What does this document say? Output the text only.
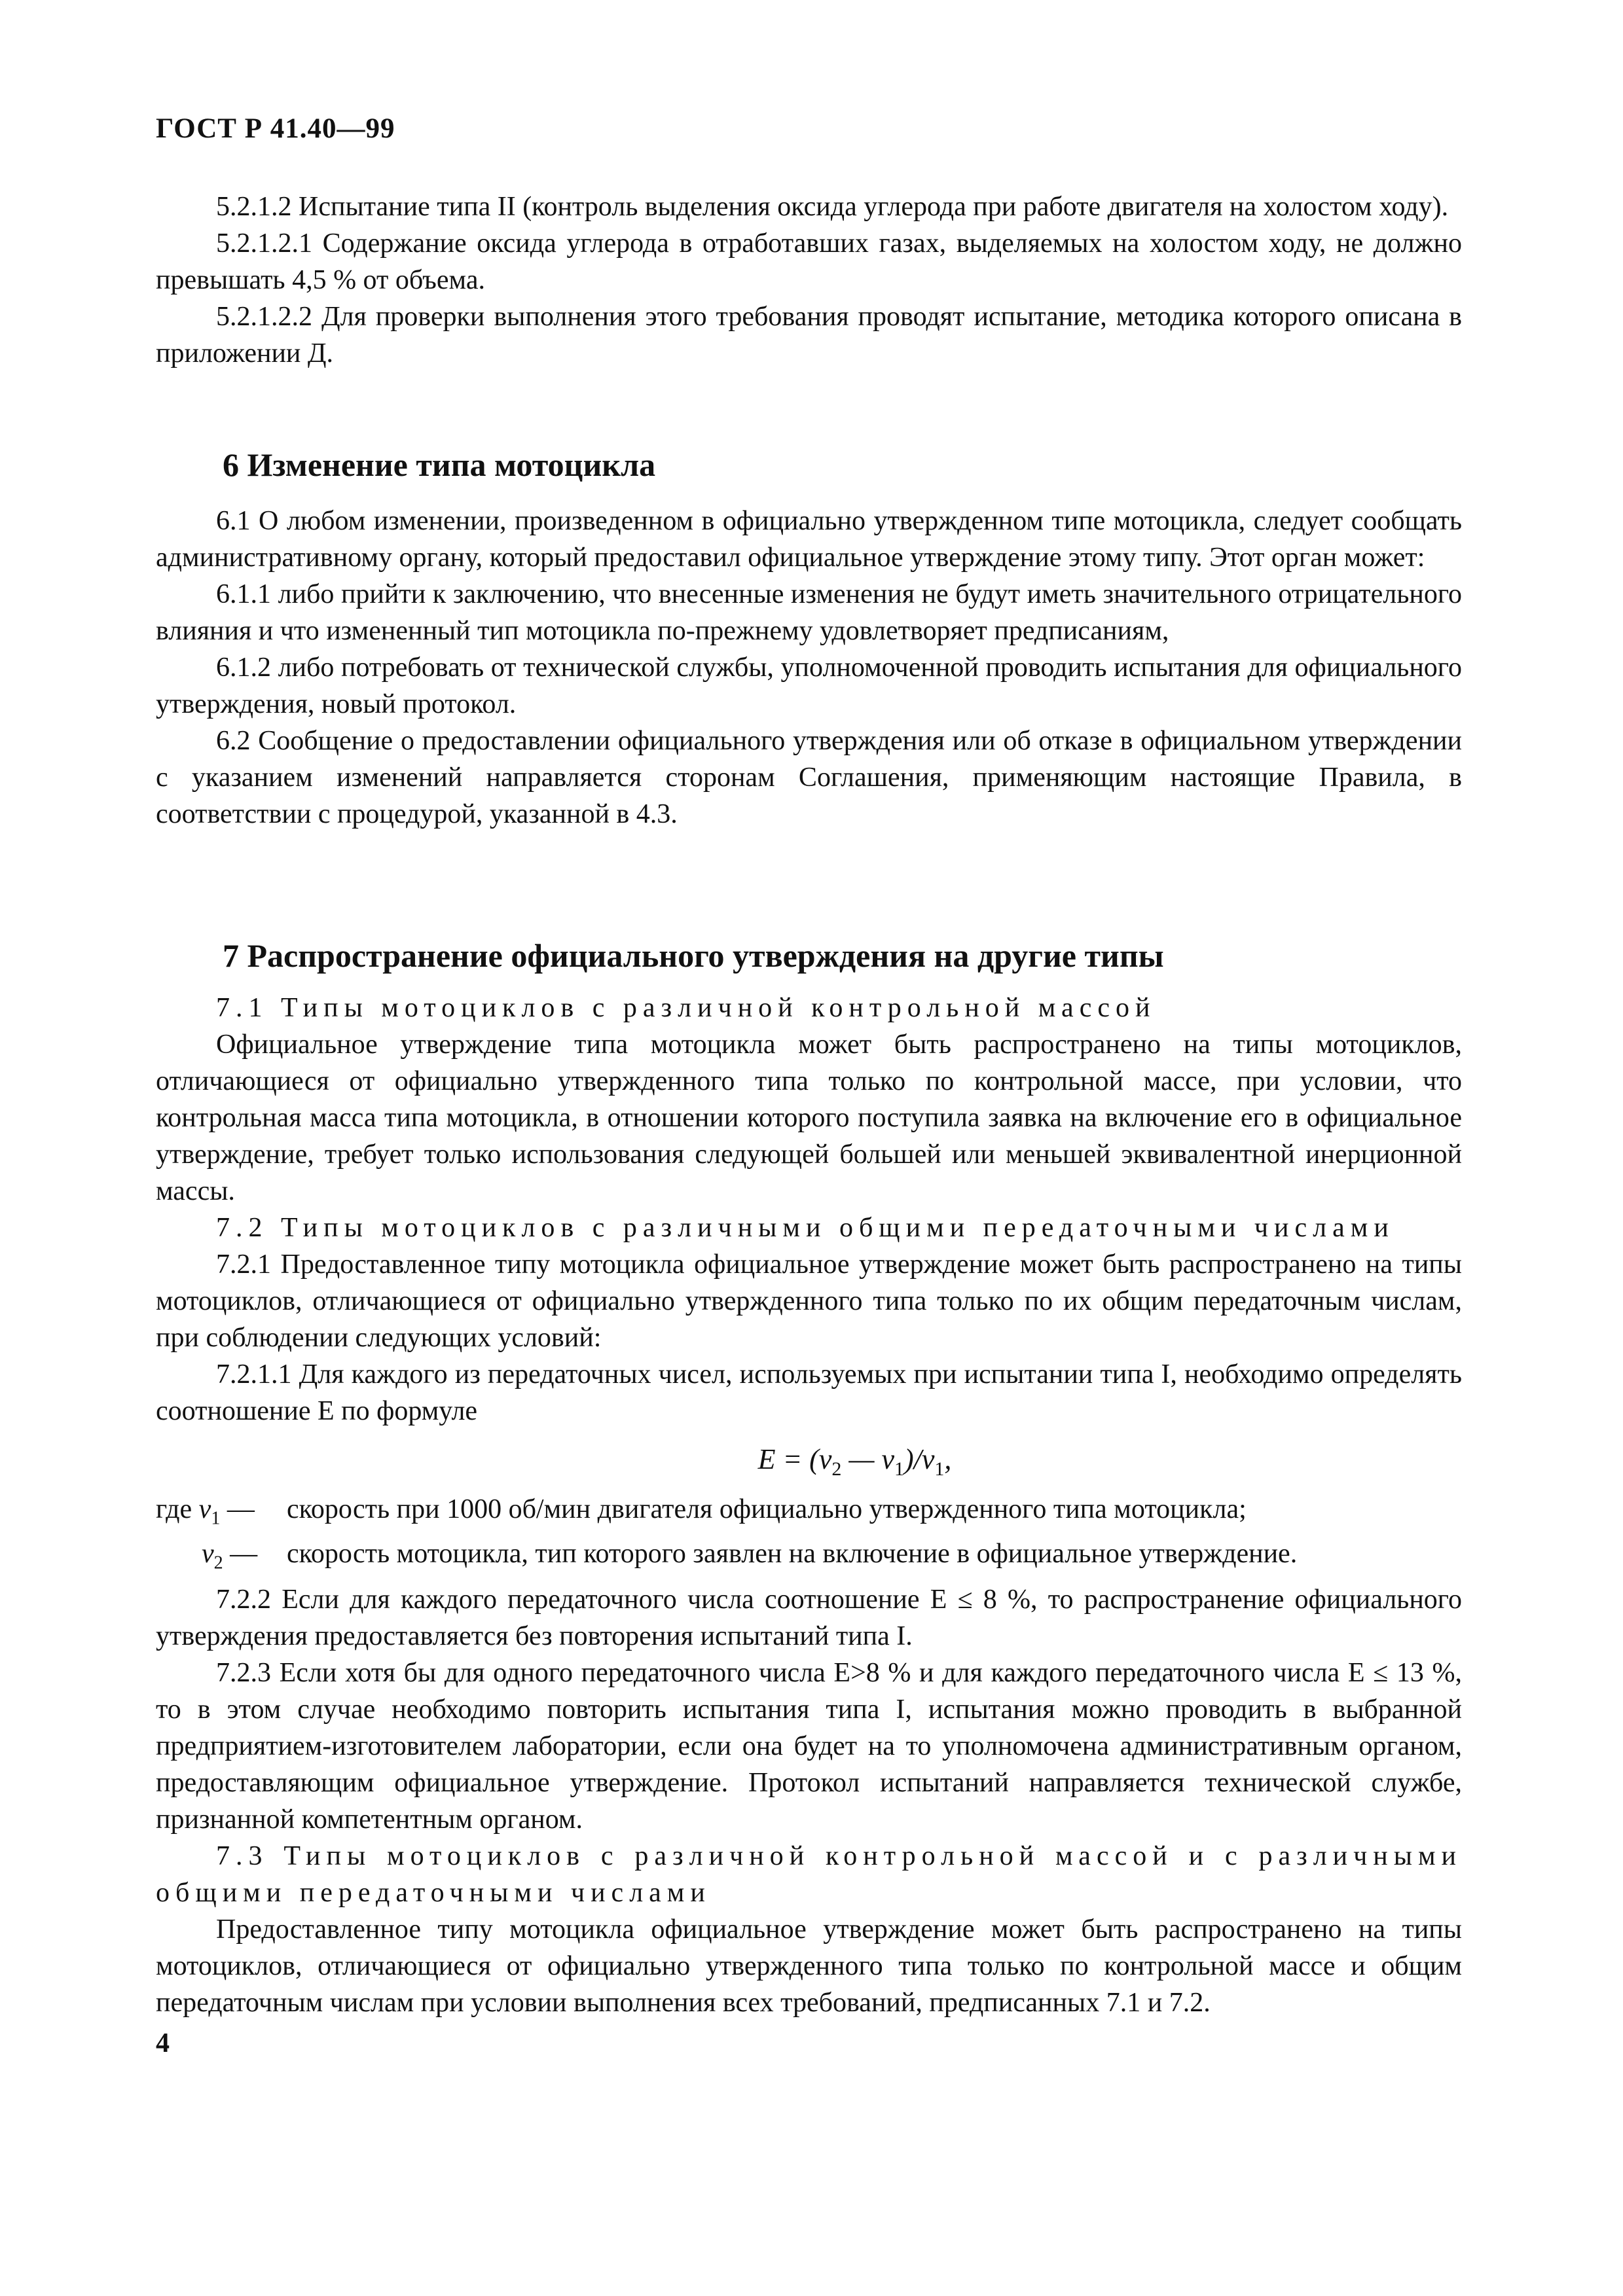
ГОСТ Р 41.40—99

5.2.1.2 Испытание типа II (контроль выделения оксида углерода при работе двигателя на холостом ходу).

5.2.1.2.1 Содержание оксида углерода в отработавших газах, выделяемых на холостом ходу, не должно превышать 4,5 % от объема.

5.2.1.2.2 Для проверки выполнения этого требования проводят испытание, методика которого описана в приложении Д.

6 Изменение типа мотоцикла

6.1 О любом изменении, произведенном в официально утвержденном типе мотоцикла, следует сообщать административному органу, который предоставил официальное утверждение этому типу. Этот орган может:

6.1.1 либо прийти к заключению, что внесенные изменения не будут иметь значительного отрицательного влияния и что измененный тип мотоцикла по-прежнему удовлетворяет предписаниям,

6.1.2 либо потребовать от технической службы, уполномоченной проводить испытания для официального утверждения, новый протокол.

6.2 Сообщение о предоставлении официального утверждения или об отказе в официальном утверждении с указанием изменений направляется сторонам Соглашения, применяющим настоящие Правила, в соответствии с процедурой, указанной в 4.3.

7 Распространение официального утверждения на другие типы

7.1 Типы мотоциклов с различной контрольной массой

Официальное утверждение типа мотоцикла может быть распространено на типы мотоциклов, отличающиеся от официально утвержденного типа только по контрольной массе, при условии, что контрольная масса типа мотоцикла, в отношении которого поступила заявка на включение его в официальное утверждение, требует только использования следующей большей или меньшей эквивалентной инерционной массы.

7.2 Типы мотоциклов с различными общими передаточными числами

7.2.1 Предоставленное типу мотоцикла официальное утверждение может быть распространено на типы мотоциклов, отличающиеся от официально утвержденного типа только по их общим передаточным числам, при соблюдении следующих условий:

7.2.1.1 Для каждого из передаточных чисел, используемых при испытании типа I, необходимо определять соотношение E по формуле

$E = (v_2$ — $v_1)/v_1$,

где $v_1$ —	скорость при 1000 об/мин двигателя официально утвержденного типа мотоцикла;
$v_2$ —	скорость мотоцикла, тип которого заявлен на включение в официальное утверждение.

7.2.2 Если для каждого передаточного числа соотношение E ≤ 8 %, то распространение официального утверждения предоставляется без повторения испытаний типа I.

7.2.3 Если хотя бы для одного передаточного числа E>8 % и для каждого передаточного числа E ≤ 13 %, то в этом случае необходимо повторить испытания типа I, испытания можно проводить в выбранной предприятием-изготовителем лаборатории, если она будет на то уполномочена административным органом, предоставляющим официальное утверждение. Протокол испытаний направляется технической службе, признанной компетентным органом.

7.3 Типы мотоциклов с различной контрольной массой и с различными общими передаточными числами

Предоставленное типу мотоцикла официальное утверждение может быть распространено на типы мотоциклов, отличающиеся от официально утвержденного типа только по контрольной массе и общим передаточным числам при условии выполнения всех требований, предписанных 7.1 и 7.2.

4
